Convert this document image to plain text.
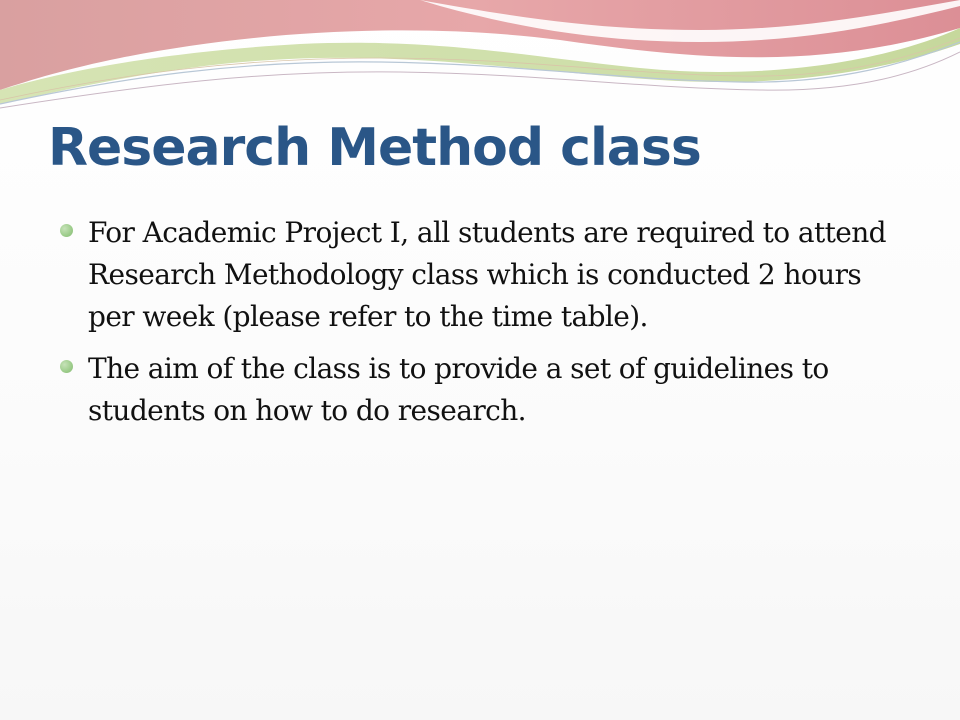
Research Method class
For Academic Project I, all students are required to attend Research Methodology class which is conducted 2 hours per week (please refer to the time table).
The aim of the class is to provide a set of guidelines to students on how to do research.
